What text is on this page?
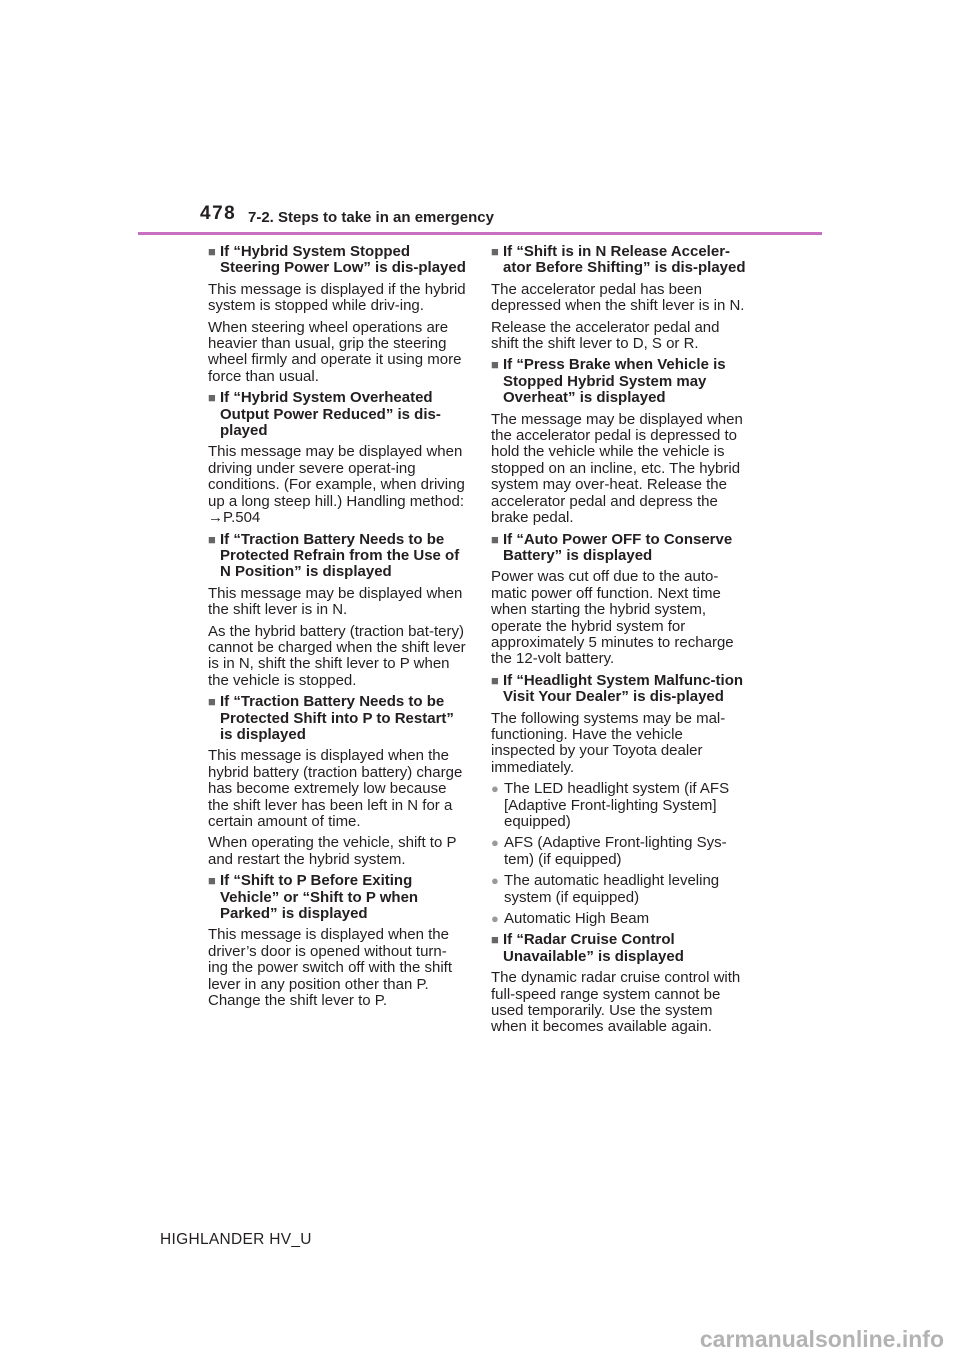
478 7-2. Steps to take in an emergency
■ If “Hybrid System Stopped Steering Power Low” is dis-played
This message is displayed if the hybrid system is stopped while driv-ing.
When steering wheel operations are heavier than usual, grip the steering wheel firmly and operate it using more force than usual.
■ If “Hybrid System Overheated Output Power Reduced” is dis-played
This message may be displayed when driving under severe operat-ing conditions. (For example, when driving up a long steep hill.) Handling method: →P.504
■ If “Traction Battery Needs to be Protected Refrain from the Use of N Position” is displayed
This message may be displayed when the shift lever is in N.
As the hybrid battery (traction bat-tery) cannot be charged when the shift lever is in N, shift the shift lever to P when the vehicle is stopped.
■ If “Traction Battery Needs to be Protected Shift into P to Restart” is displayed
This message is displayed when the hybrid battery (traction battery) charge has become extremely low because the shift lever has been left in N for a certain amount of time.
When operating the vehicle, shift to P and restart the hybrid system.
■ If “Shift to P Before Exiting Vehicle” or “Shift to P when Parked” is displayed
This message is displayed when the driver’s door is opened without turn-ing the power switch off with the shift lever in any position other than P. Change the shift lever to P.
■ If “Shift is in N Release Acceler-ator Before Shifting” is dis-played
The accelerator pedal has been depressed when the shift lever is in N.
Release the accelerator pedal and shift the shift lever to D, S or R.
■ If “Press Brake when Vehicle is Stopped Hybrid System may Overheat” is displayed
The message may be displayed when the accelerator pedal is depressed to hold the vehicle while the vehicle is stopped on an incline, etc. The hybrid system may over-heat. Release the accelerator pedal and depress the brake pedal.
■ If “Auto Power OFF to Conserve Battery” is displayed
Power was cut off due to the auto-matic power off function. Next time when starting the hybrid system, operate the hybrid system for approximately 5 minutes to recharge the 12-volt battery.
■ If “Headlight System Malfunc-tion Visit Your Dealer” is dis-played
The following systems may be mal-functioning. Have the vehicle inspected by your Toyota dealer immediately.
● The LED headlight system (if AFS [Adaptive Front-lighting System] equipped)
● AFS (Adaptive Front-lighting Sys-tem) (if equipped)
● The automatic headlight leveling system (if equipped)
● Automatic High Beam
■ If “Radar Cruise Control Unavailable” is displayed
The dynamic radar cruise control with full-speed range system cannot be used temporarily. Use the system when it becomes available again.
HIGHLANDER HV_U
carmanualsonline.info
